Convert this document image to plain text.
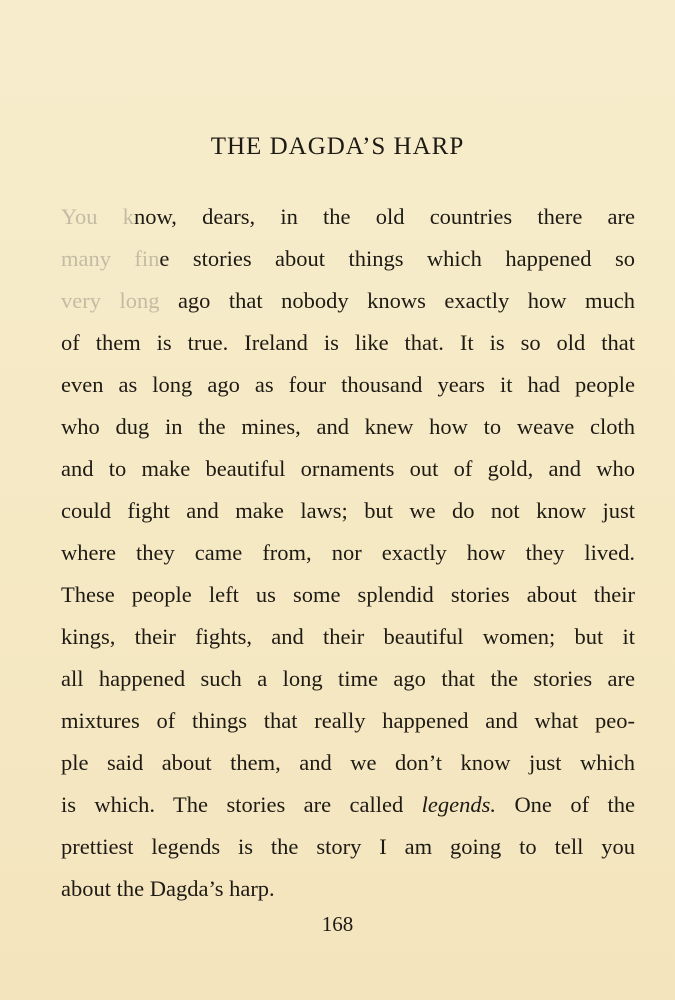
THE DAGDA’S HARP
You know, dears, in the old countries there are
many fine stories about things which happened so
very long ago that nobody knows exactly how much
of them is true. Ireland is like that. It is so old that
even as long ago as four thousand years it had people
who dug in the mines, and knew how to weave cloth
and to make beautiful ornaments out of gold, and who
could fight and make laws; but we do not know just
where they came from, nor exactly how they lived.
These people left us some splendid stories about their
kings, their fights, and their beautiful women; but it
all happened such a long time ago that the stories are
mixtures of things that really happened and what peo-
ple said about them, and we don’t know just which
is which. The stories are called legends. One of the
prettiest legends is the story I am going to tell you
about the Dagda’s harp.
168
